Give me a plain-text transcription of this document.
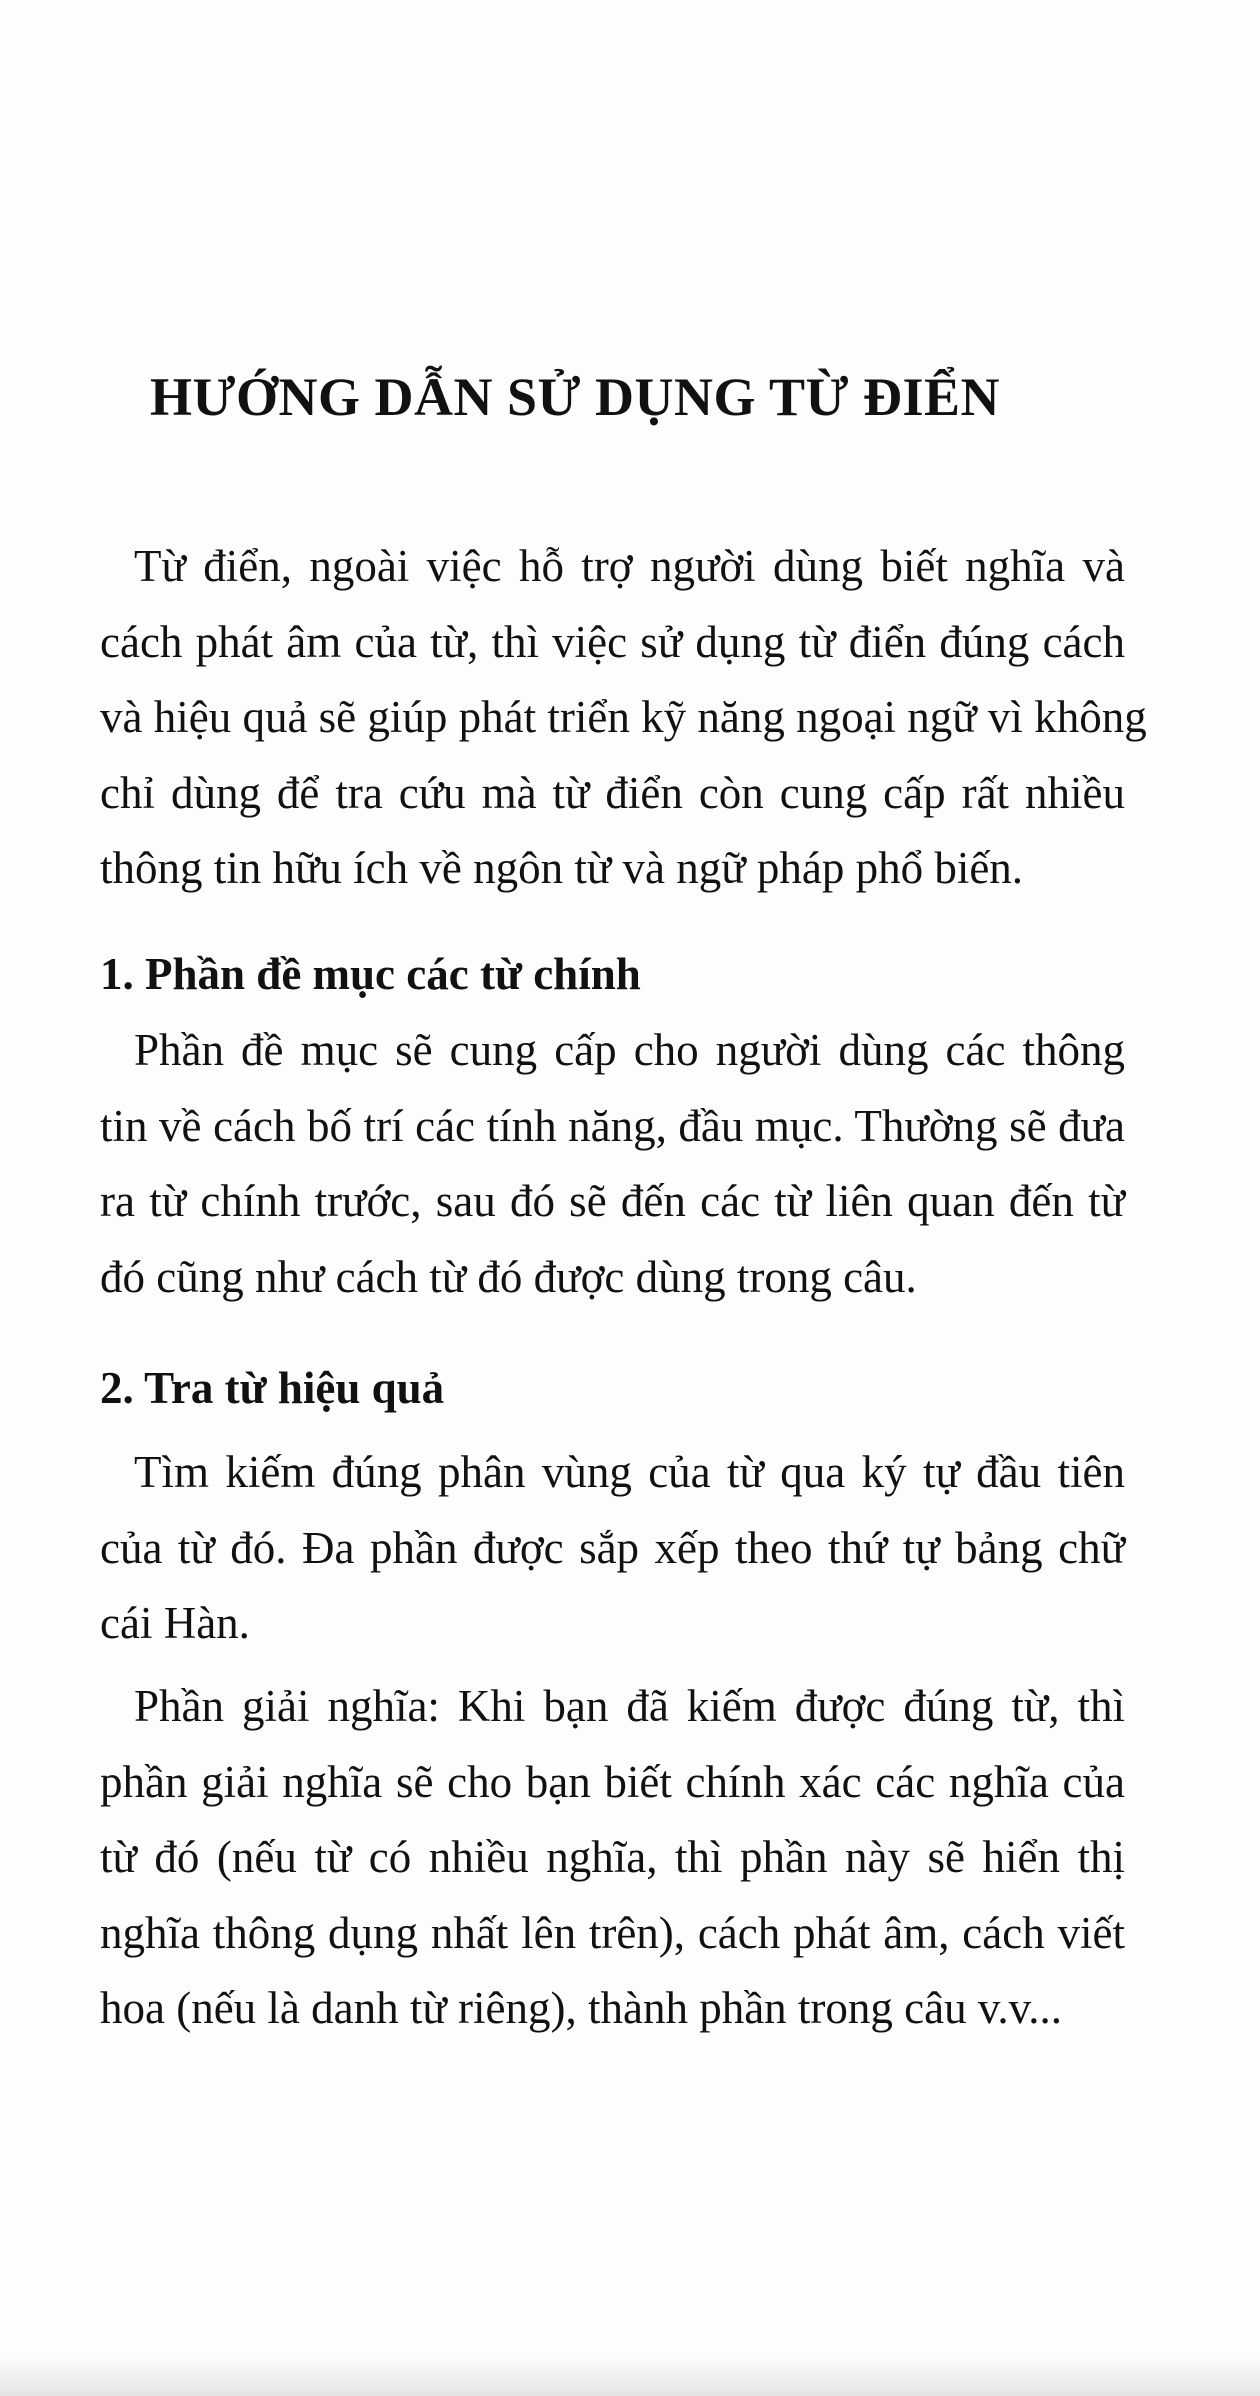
HƯỚNG DẪN SỬ DỤNG TỪ ĐIỂN
Từ điển, ngoài việc hỗ trợ người dùng biết nghĩa và
cách phát âm của từ, thì việc sử dụng từ điển đúng cách
và hiệu quả sẽ giúp phát triển kỹ năng ngoại ngữ vì không
chỉ dùng để tra cứu mà từ điển còn cung cấp rất nhiều
thông tin hữu ích về ngôn từ và ngữ pháp phổ biến.
1. Phần đề mục các từ chính
Phần đề mục sẽ cung cấp cho người dùng các thông
tin về cách bố trí các tính năng, đầu mục. Thường sẽ đưa
ra từ chính trước, sau đó sẽ đến các từ liên quan đến từ
đó cũng như cách từ đó được dùng trong câu.
2. Tra từ hiệu quả
Tìm kiếm đúng phân vùng của từ qua ký tự đầu tiên
của từ đó. Đa phần được sắp xếp theo thứ tự bảng chữ
cái Hàn.
Phần giải nghĩa: Khi bạn đã kiếm được đúng từ, thì
phần giải nghĩa sẽ cho bạn biết chính xác các nghĩa của
từ đó (nếu từ có nhiều nghĩa, thì phần này sẽ hiển thị
nghĩa thông dụng nhất lên trên), cách phát âm, cách viết
hoa (nếu là danh từ riêng), thành phần trong câu v.v...
